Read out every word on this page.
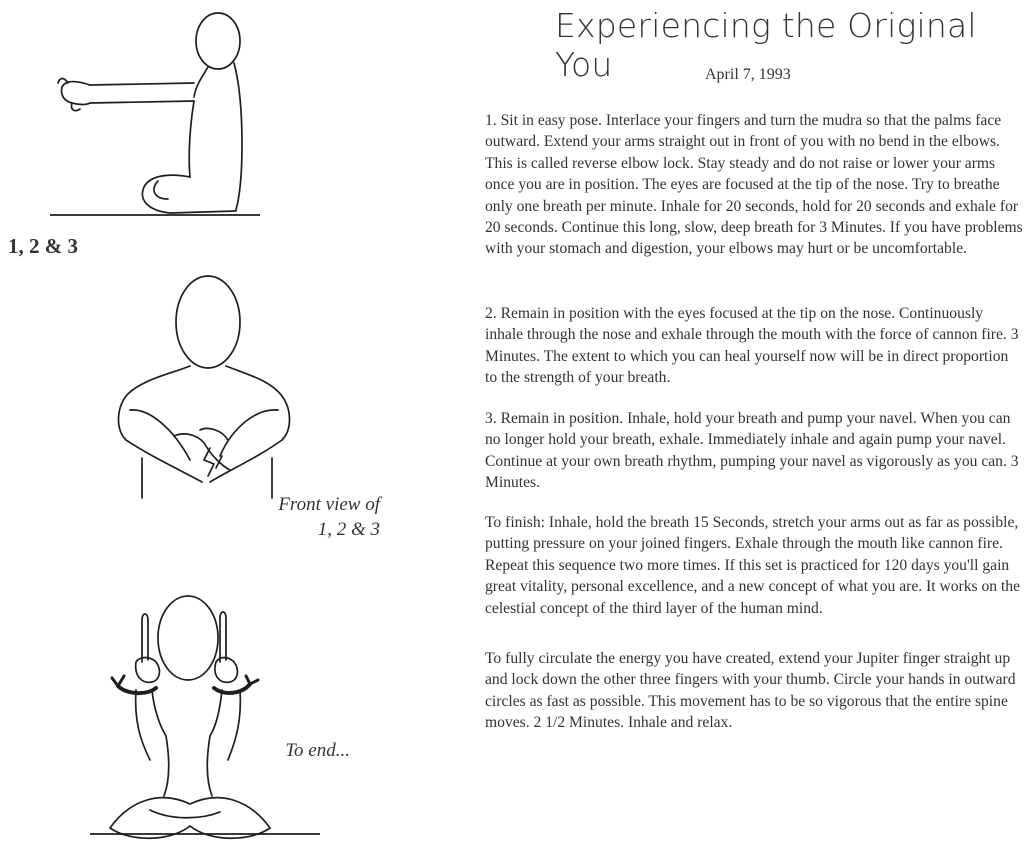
1, 2 & 3
Front view of
1, 2 & 3
To end...
Experiencing the Original You	April 7, 1993

1. Sit in easy pose. Interlace your fingers and turn the mudra so that the palms face outward. Extend your arms straight out in front of you with no bend in the elbows. This is called reverse elbow lock. Stay steady and do not raise or lower your arms once you are in position. The eyes are focused at the tip of the nose. Try to breathe only one breath per minute. Inhale for 20 seconds, hold for 20 seconds and exhale for 20 seconds. Continue this long, slow, deep breath for 3 Minutes. If you have problems with your stomach and digestion, your elbows may hurt or be uncomfortable.

2. Remain in position with the eyes focused at the tip on the nose. Continuously inhale through the nose and exhale through the mouth with the force of cannon fire. 3 Minutes. The extent to which you can heal yourself now will be in direct proportion to the strength of your breath.

3. Remain in position. Inhale, hold your breath and pump your navel. When you can no longer hold your breath, exhale. Immediately inhale and again pump your navel. Continue at your own breath rhythm, pumping your navel as vigorously as you can. 3 Minutes.

To finish: Inhale, hold the breath 15 Seconds, stretch your arms out as far as possible, putting pressure on your joined fingers. Exhale through the mouth like cannon fire. Repeat this sequence two more times. If this set is practiced for 120 days you'll gain great vitality, personal excellence, and a new concept of what you are. It works on the celestial concept of the third layer of the human mind.

To fully circulate the energy you have created, extend your Jupiter finger straight up and lock down the other three fingers with your thumb. Circle your hands in outward circles as fast as possible. This movement has to be so vigorous that the entire spine moves. 2 1/2 Minutes. Inhale and relax.
